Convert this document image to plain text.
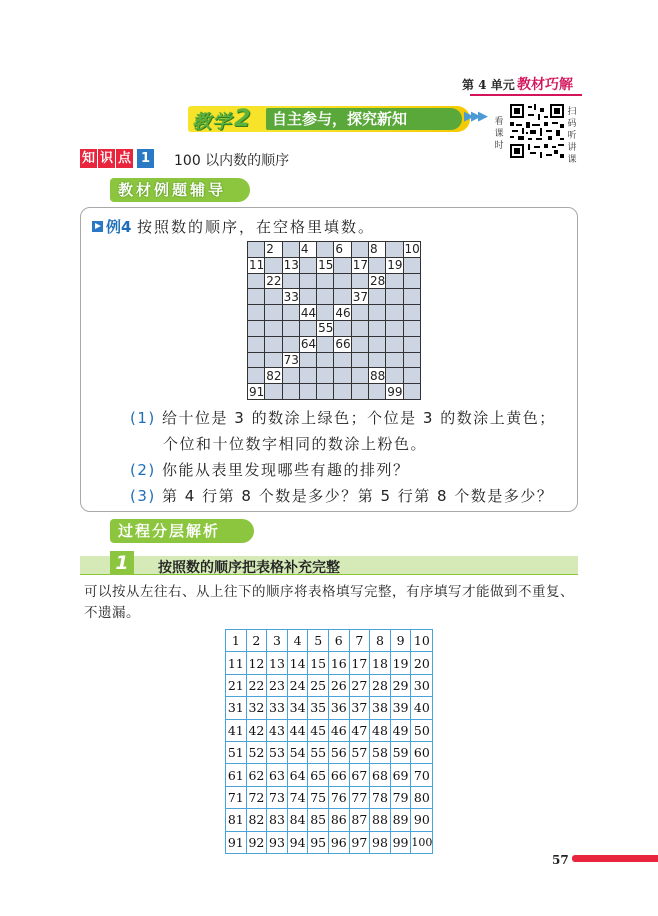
第 4 单元 教材巧解
教学 2	自主参与，探究新知	▶▶▶ 看
课
时
扫
码
听
讲
课
知 识 点 1 100 以内数的顺序
教材例题辅导
例4 按照数的顺序，在空格里填数。

	2		4		6		8		10

11		13		15		17		19	

	22						28		

		33				37			

			44		46				

				55					

			64		66				

		73							

	82						88		

91								99	

(1) 给十位是 3 的数涂上绿色；个位是 3 的数涂上黄色；
个位和十位数字相同的数涂上粉色。
(2) 你能从表里发现哪些有趣的排列？
(3) 第 4 行第 8 个数是多少？第 5 行第 8 个数是多少？
过程分层解析
1	按照数的顺序把表格补充完整
可以按从左往右、从上往下的顺序将表格填写完整，有序填写才能做到不重复、不遗漏。
1	2	3	4	5	6	7	8	9	10
11	12	13	14	15	16	17	18	19	20
21	22	23	24	25	26	27	28	29	30
31	32	33	34	35	36	37	38	39	40
41	42	43	44	45	46	47	48	49	50
51	52	53	54	55	56	57	58	59	60
61	62	63	64	65	66	67	68	69	70
71	72	73	74	75	76	77	78	79	80
81	82	83	84	85	86	87	88	89	90
91	92	93	94	95	96	97	98	99	100
57
